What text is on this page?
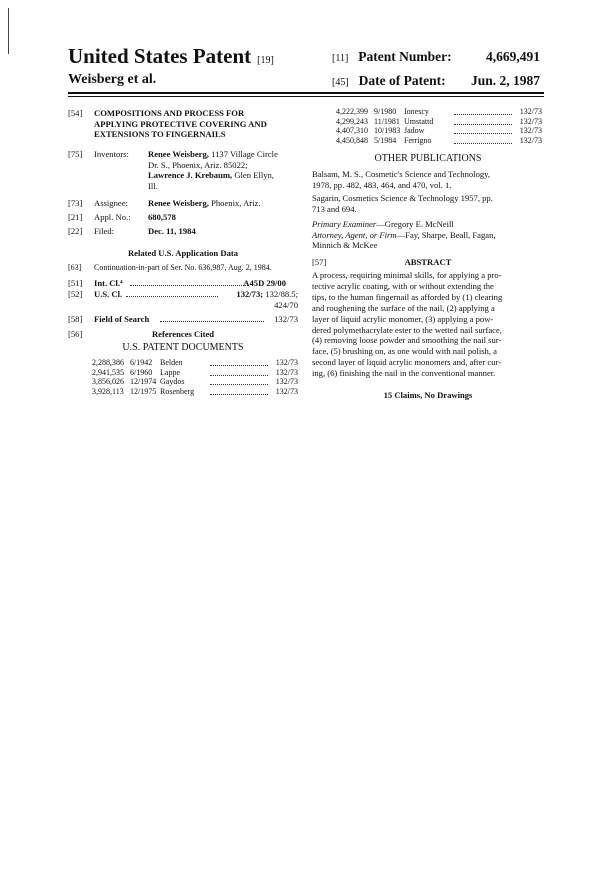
United States Patent [19]
Weisberg et al.
[11] Patent Number:	4,669,491
[45] Date of Patent: Jun. 2, 1987
[54]	COMPOSITIONS AND PROCESS FOR
APPLYING PROTECTIVE COVERING AND
EXTENSIONS TO FINGERNAILS
[75]	Inventors: Renee Weisberg, 1137 Village Circle
Dr. S., Phoenix, Ariz. 85022;
Lawrence J. Krebaum, Glen Ellyn,
Ill.
[73]	Assignee: Renee Weisberg, Phoenix, Ariz.
[21]	Appl. No.: 680,578
[22]	Filed:	Dec. 11, 1984
Related U.S. Application Data
[63]	Continuation-in-part of Ser. No. 636,987, Aug. 2, 1984.
[51]	Int. Cl.⁴	A45D 29/00
[52]	U.S. Cl.	132/73; 132/88.5;
424/70
[58]	Field of Search	132/73
[56]	References Cited
U.S. PATENT DOCUMENTS
2,288,386 6/1942 Belden	132/73
2,941,535 6/1960 Lappe	132/73
3,856,026 12/1974 Gaydos	132/73
3,928,113 12/1975 Rosenberg	132/73
4,222,399 9/1980 Ionescy	132/73
4,299,243 11/1981 Umstattd	132/73
4,407,310 10/1983 Jadow	132/73
4,450,848 5/1984 Ferrigno	132/73
OTHER PUBLICATIONS
Balsam, M. S., Cosmetic's Science and Technology,
1978, pp. 482, 483, 464, and 470, vol. 1.
Sagarin, Cosmetics Science & Technology 1957, pp.
713 and 694.
Primary Examiner—Gregory E. McNeill
Attorney, Agent, or Firm—Fay, Sharpe, Beall, Fagan,
Minnich & McKee
[57]	ABSTRACT
A process, requiring minimal skills, for applying a pro-
tective acrylic coating, with or without extending the
tips, to the human fingernail as afforded by (1) clearing
and roughening the surface of the nail, (2) applying a
layer of liquid acrylic monomer, (3) applying a pow-
dered polymethacrylate ester to the wetted nail surface,
(4) removing loose powder and smoothing the nail sur-
face, (5) brushing on, as one would with nail polish, a
second layer of liquid acrylic monomers and, after cur-
ing, (6) finishing the nail in the conventional manner.
15 Claims, No Drawings
